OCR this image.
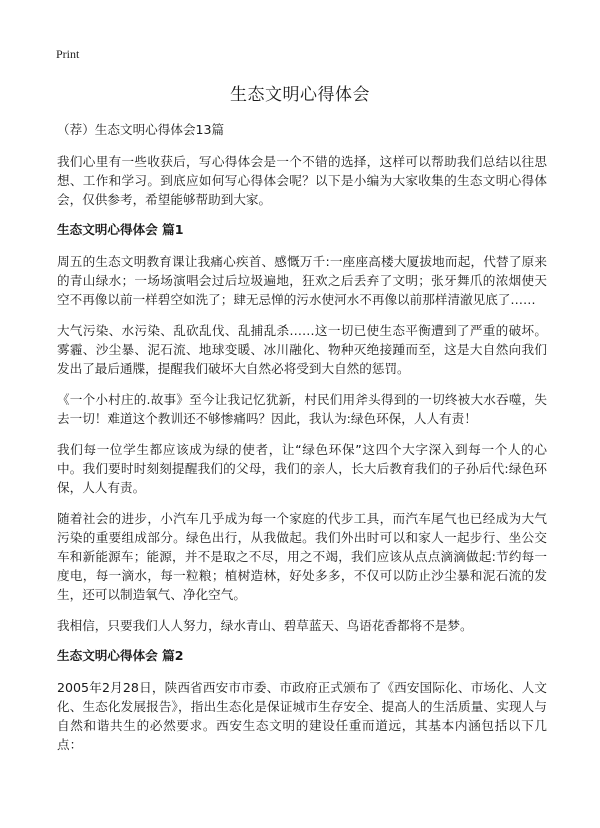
Print
生态文明心得体会

（荐）生态文明心得体会13篇

我们心里有一些收获后，写心得体会是一个不错的选择，这样可以帮助我们总结以往思想、工作和学习。到底应如何写心得体会呢？以下是小编为大家收集的生态文明心得体会，仅供参考，希望能够帮助到大家。

生态文明心得体会 篇1

周五的生态文明教育课让我痛心疾首、感慨万千:一座座高楼大厦拔地而起，代替了原来的青山绿水；一场场演唱会过后垃圾遍地，狂欢之后丢弃了文明；张牙舞爪的浓烟使天空不再像以前一样碧空如洗了；肆无忌惮的污水使河水不再像以前那样清澈见底了……

大气污染、水污染、乱砍乱伐、乱捕乱杀……这一切已使生态平衡遭到了严重的破坏。雾霾、沙尘暴、泥石流、地球变暖、冰川融化、物种灭绝接踵而至，这是大自然向我们发出了最后通牒，提醒我们破坏大自然必将受到大自然的惩罚。

《一个小村庄的.故事》至今让我记忆犹新，村民们用斧头得到的一切终被大水吞噬，失去一切！难道这个教训还不够惨痛吗？因此，我认为:绿色环保，人人有责！

我们每一位学生都应该成为绿的使者，让“绿色环保”这四个大字深入到每一个人的心中。我们要时时刻刻提醒我们的父母，我们的亲人，长大后教育我们的子孙后代:绿色环保，人人有责。

随着社会的进步，小汽车几乎成为每一个家庭的代步工具，而汽车尾气也已经成为大气污染的重要组成部分。绿色出行，从我做起。我们外出时可以和家人一起步行、坐公交车和新能源车；能源，并不是取之不尽，用之不竭，我们应该从点点滴滴做起:节约每一度电，每一滴水，每一粒粮；植树造林，好处多多，不仅可以防止沙尘暴和泥石流的发生，还可以制造氧气、净化空气。

我相信，只要我们人人努力，绿水青山、碧草蓝天、鸟语花香都将不是梦。

生态文明心得体会 篇2

2005年2月28日，陕西省西安市市委、市政府正式颁布了《西安国际化、市场化、人文化、生态化发展报告》，指出生态化是保证城市生存安全、提高人的生活质量、实现人与自然和谐共生的必然要求。西安生态文明的建设任重而道远，其基本内涵包括以下几点：
